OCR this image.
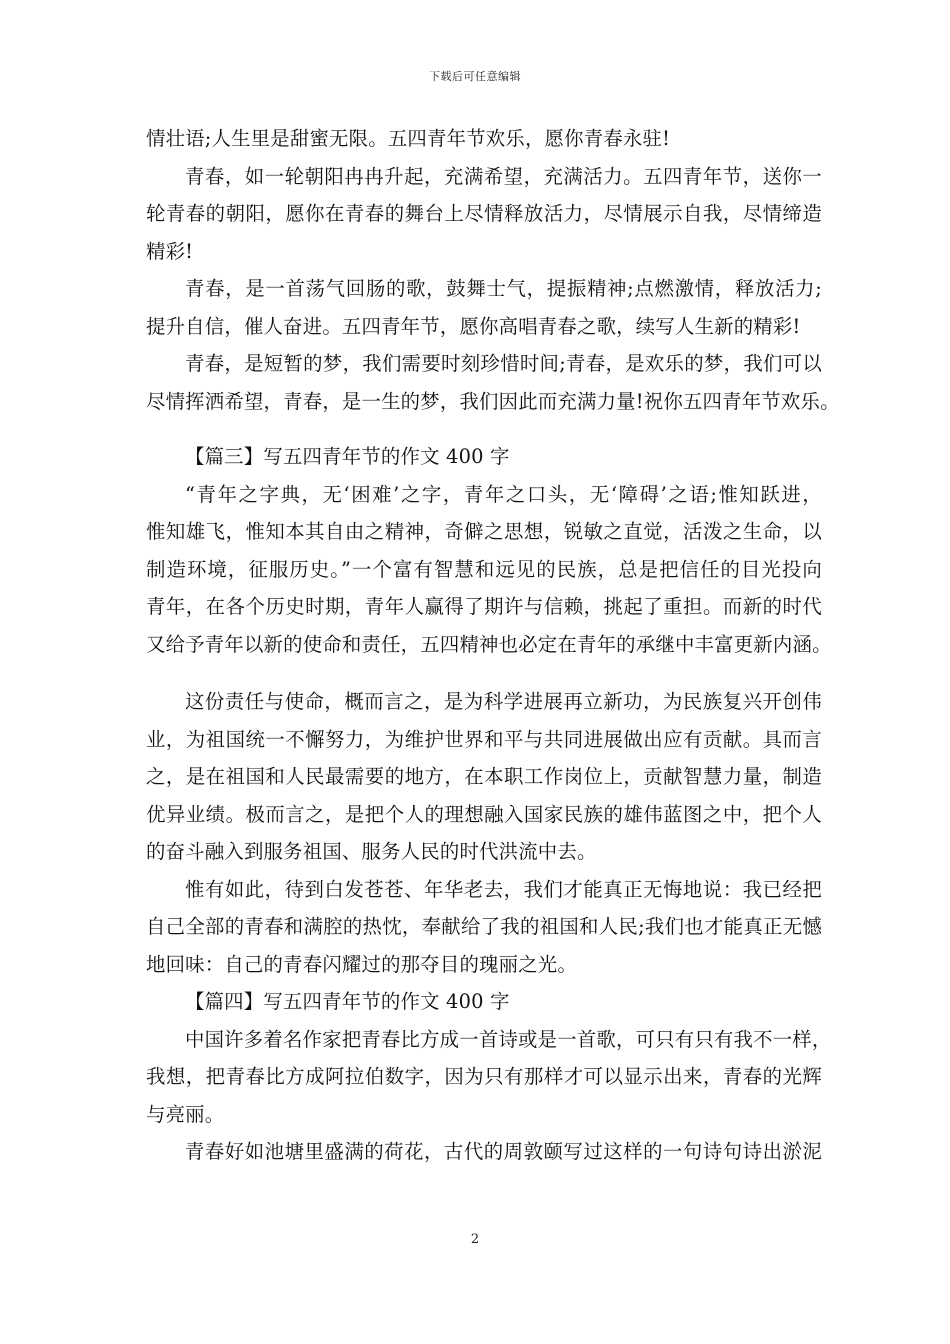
下载后可任意编辑
情壮语;人生里是甜蜜无限。五四青年节欢乐，愿你青春永驻!
青春，如一轮朝阳冉冉升起，充满希望，充满活力。五四青年节，送你一
轮青春的朝阳，愿你在青春的舞台上尽情释放活力，尽情展示自我，尽情缔造
精彩!
青春，是一首荡气回肠的歌，鼓舞士气，提振精神;点燃激情，释放活力;
提升自信，催人奋进。五四青年节，愿你高唱青春之歌，续写人生新的精彩!
青春，是短暂的梦，我们需要时刻珍惜时间;青春，是欢乐的梦，我们可以
尽情挥洒希望，青春，是一生的梦，我们因此而充满力量!祝你五四青年节欢乐。
【篇三】写五四青年节的作文 400 字
“青年之字典，无‘困难’之字，青年之口头，无‘障碍’之语;惟知跃进，
惟知雄飞，惟知本其自由之精神，奇僻之思想，锐敏之直觉，活泼之生命，以
制造环境，征服历史。”一个富有智慧和远见的民族，总是把信任的目光投向
青年，在各个历史时期，青年人赢得了期许与信赖，挑起了重担。而新的时代
又给予青年以新的使命和责任，五四精神也必定在青年的承继中丰富更新内涵。
这份责任与使命，概而言之，是为科学进展再立新功，为民族复兴开创伟
业，为祖国统一不懈努力，为维护世界和平与共同进展做出应有贡献。具而言
之，是在祖国和人民最需要的地方，在本职工作岗位上，贡献智慧力量，制造
优异业绩。极而言之，是把个人的理想融入国家民族的雄伟蓝图之中，把个人
的奋斗融入到服务祖国、服务人民的时代洪流中去。
惟有如此，待到白发苍苍、年华老去，我们才能真正无悔地说：我已经把
自己全部的青春和满腔的热忱，奉献给了我的祖国和人民;我们也才能真正无憾
地回味：自己的青春闪耀过的那夺目的瑰丽之光。
【篇四】写五四青年节的作文 400 字
中国许多着名作家把青春比方成一首诗或是一首歌，可只有只有我不一样，
我想，把青春比方成阿拉伯数字，因为只有那样才可以显示出来，青春的光辉
与亮丽。
青春好如池塘里盛满的荷花，古代的周敦颐写过这样的一句诗句诗出淤泥
2
